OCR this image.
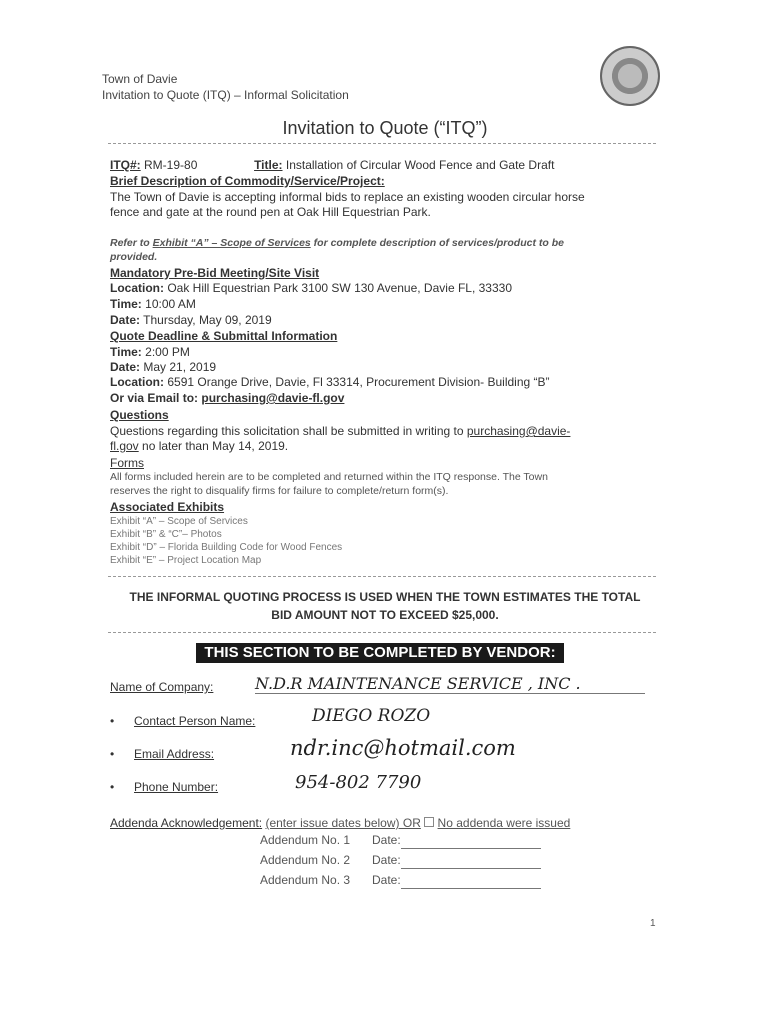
Town of Davie
Invitation to Quote (ITQ) – Informal Solicitation
Invitation to Quote (“ITQ”)
ITQ#: RM-19-80	Title: Installation of Circular Wood Fence and Gate Draft
Brief Description of Commodity/Service/Project:
The Town of Davie is accepting informal bids to replace an existing wooden circular horse
fence and gate at the round pen at Oak Hill Equestrian Park.
Refer to Exhibit “A” – Scope of Services for complete description of services/product to be
provided.
Mandatory Pre-Bid Meeting/Site Visit
Location: Oak Hill Equestrian Park 3100 SW 130 Avenue, Davie FL, 33330
Time: 10:00 AM
Date: Thursday, May 09, 2019
Quote Deadline & Submittal Information
Time: 2:00 PM
Date: May 21, 2019
Location: 6591 Orange Drive, Davie, Fl 33314, Procurement Division- Building “B”
Or via Email to: purchasing@davie-fl.gov
Questions
Questions regarding this solicitation shall be submitted in writing to purchasing@davie-
fl.gov no later than May 14, 2019.
Forms
All forms included herein are to be completed and returned within the ITQ response. The Town
reserves the right to disqualify firms for failure to complete/return form(s).
Associated Exhibits
Exhibit “A” – Scope of Services
Exhibit “B” & “C”– Photos
Exhibit “D” – Florida Building Code for Wood Fences
Exhibit “E” – Project Location Map
THE INFORMAL QUOTING PROCESS IS USED WHEN THE TOWN ESTIMATES THE TOTAL
BID AMOUNT NOT TO EXCEED $25,000.
THIS SECTION TO BE COMPLETED BY VENDOR:
Name of Company:	N.D.R MAINTENANCE SERVICE , INC .
• Contact Person Name:	DIEGO ROZO
• Email Address:	ndr.inc@hotmail.com
• Phone Number:	954-802 7790
Addenda Acknowledgement: (enter issue dates below) OR No addenda were issued
Addendum No. 1 Date:
Addendum No. 2 Date:
Addendum No. 3 Date:
1
